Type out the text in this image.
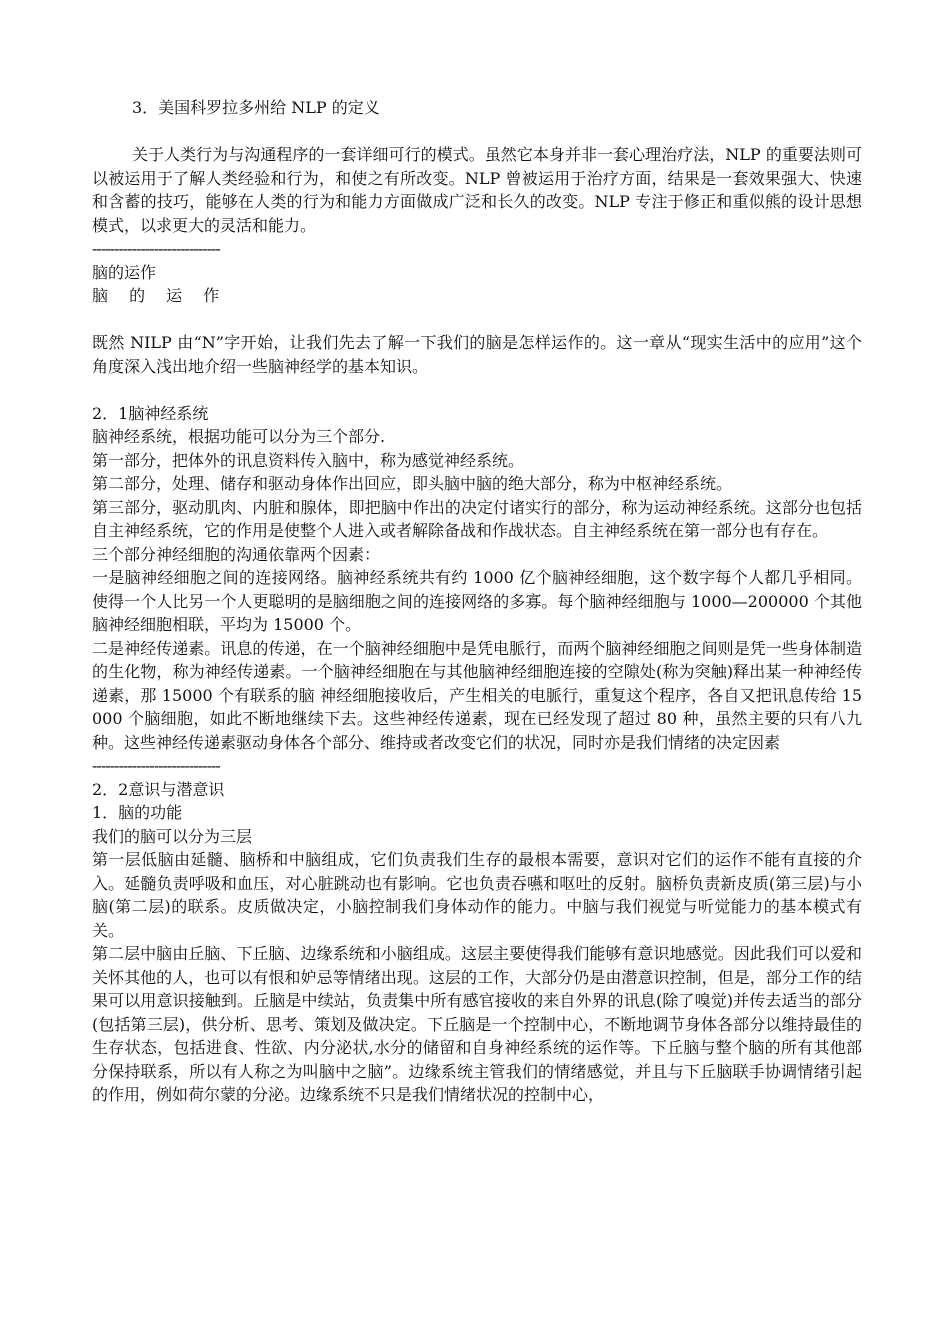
3．美国科罗拉多州给 NLP 的定义

关于人类行为与沟通程序的一套详细可行的模式。虽然它本身并非一套心理治疗法，NLP 的重要法则可以被运用于了解人类经验和行为，和使之有所改变。NLP 曾被运用于治疗方面，结果是一套效果强大、快速和含蓄的技巧，能够在人类的行为和能力方面做成广泛和长久的改变。NLP 专注于修正和重似熊的设计思想模式，以求更大的灵活和能力。

-----------------------------

脑的运作

脑 的 运 作

既然 NILP 由“N”字开始，让我们先去了解一下我们的脑是怎样运作的。这一章从“现实生活中的应用”这个角度深入浅出地介绍一些脑神经学的基本知识。

2．1脑神经系统

脑神经系统，根据功能可以分为三个部分.

第一部分，把体外的讯息资料传入脑中，称为感觉神经系统。

第二部分，处理、储存和驱动身体作出回应，即头脑中脑的绝大部分，称为中枢神经系统。

第三部分，驱动肌肉、内脏和腺体，即把脑中作出的决定付诸实行的部分，称为运动神经系统。这部分也包括自主神经系统，它的作用是使整个人进入或者解除备战和作战状态。自主神经系统在第一部分也有存在。

三个部分神经细胞的沟通依靠两个因素：

一是脑神经细胞之间的连接网络。脑神经系统共有约 1000 亿个脑神经细胞，这个数字每个人都几乎相同。使得一个人比另一个人更聪明的是脑细胞之间的连接网络的多寡。每个脑神经细胞与 1000—200000 个其他脑神经细胞相联，平均为 15000 个。

二是神经传递素。讯息的传递，在一个脑神经细胞中是凭电脈行，而两个脑神经细胞之间则是凭一些身体制造的生化物，称为神经传递素。一个脑神经细胞在与其他脑神经细胞连接的空隙处(称为突触)释出某一种神经传递素，那 15000 个有联系的脑 神经细胞接收后，产生相关的电脈行，重复这个程序，各自又把讯息传给 15000 个脑细胞，如此不断地继续下去。这些神经传递素，现在已经发现了超过 80 种，虽然主要的只有八九种。这些神经传递素驱动身体各个部分、维持或者改变它们的状况，同时亦是我们情绪的决定因素

-----------------------------

2．2意识与潜意识

1．脑的功能

我们的脑可以分为三层

第一层低脑由延髓、脑桥和中脑组成，它们负责我们生存的最根本需要，意识对它们的运作不能有直接的介入。延髓负责呼吸和血压，对心脏跳动也有影响。它也负责吞嚥和呕吐的反射。脑桥负责新皮质(第三层)与小脑(第二层)的联系。皮质做决定，小脑控制我们身体动作的能力。中脑与我们视觉与听觉能力的基本模式有关。

第二层中脑由丘脑、下丘脑、边缘系统和小脑组成。这层主要使得我们能够有意识地感觉。因此我们可以爱和关怀其他的人，也可以有恨和妒忌等情绪出现。这层的工作，大部分仍是由潜意识控制，但是，部分工作的结果可以用意识接触到。丘脑是中续站，负责集中所有感官接收的来自外界的讯息(除了嗅觉)并传去适当的部分(包括第三层)，供分析、思考、策划及做决定。下丘脑是一个控制中心，不断地调节身体各部分以维持最佳的生存状态，包括进食、性欲、内分泌状,水分的储留和自身神经系统的运作等。下丘脑与整个脑的所有其他部分保持联系，所以有人称之为叫脑中之脑”。边缘系统主管我们的情绪感觉，并且与下丘脑联手协调情绪引起的作用，例如荷尔蒙的分泌。边缘系统不只是我们情绪状况的控制中心，
